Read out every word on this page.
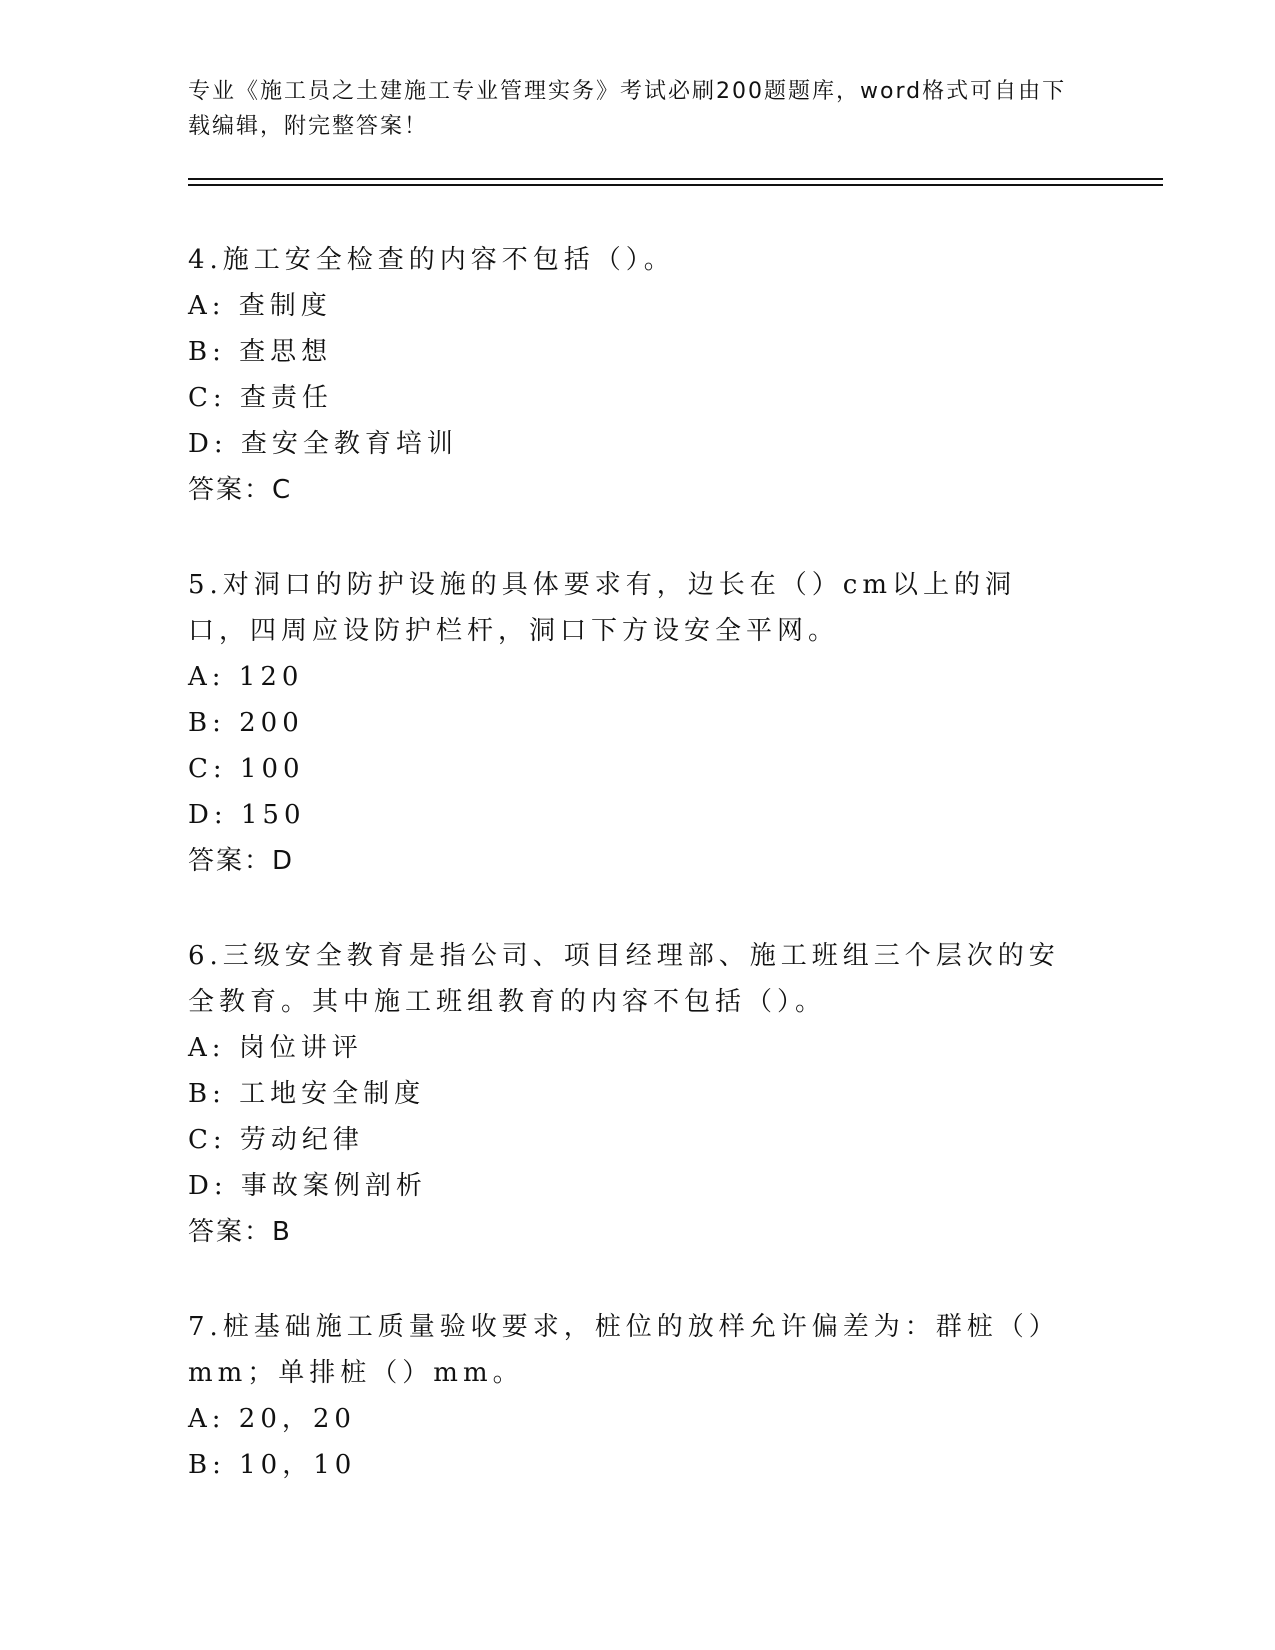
专业《施工员之土建施工专业管理实务》考试必刷200题题库，word格式可自由下载编辑，附完整答案！
4.施工安全检查的内容不包括（）。
A: 查制度
B: 查思想
C: 查责任
D: 查安全教育培训
答案：C
5.对洞口的防护设施的具体要求有，边长在（）cm以上的洞口，四周应设防护栏杆，洞口下方设安全平网。
A: 120
B: 200
C: 100
D: 150
答案：D
6.三级安全教育是指公司、项目经理部、施工班组三个层次的安全教育。其中施工班组教育的内容不包括（）。
A: 岗位讲评
B: 工地安全制度
C: 劳动纪律
D: 事故案例剖析
答案：B
7.桩基础施工质量验收要求，桩位的放样允许偏差为：群桩（）mm；单排桩（）mm。
A: 20，20
B: 10，10
